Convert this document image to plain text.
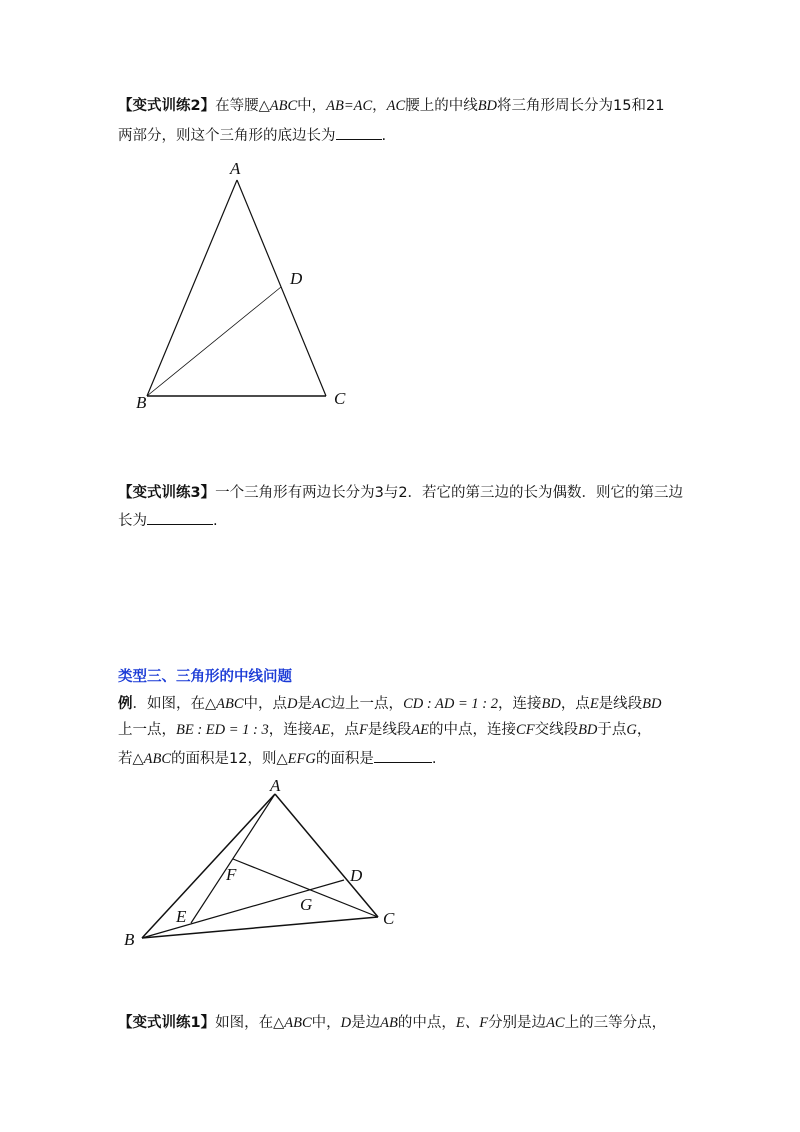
【变式训练2】在等腰△ABC中，AB=AC，AC腰上的中线BD将三角形周长分为15和21
两部分，则这个三角形的底边长为	.
A
D
B	C
【变式训练3】一个三角形有两边长分为3与2．若它的第三边的长为偶数．则它的第三边
长为	.
类型三、三角形的中线问题
例．如图，在△ABC中，点D是AC边上一点，CD : AD = 1 : 2，连接BD，点E是线段BD
上一点，BE : ED = 1 : 3，连接AE，点F是线段AE的中点，连接CF交线段BD于点G，
若△ABC的面积是12，则△EFG的面积是	.
A
F	D
E
G
C
B
【变式训练1】如图，在△ABC中，D是边AB的中点，E、F分别是边AC上的三等分点，
